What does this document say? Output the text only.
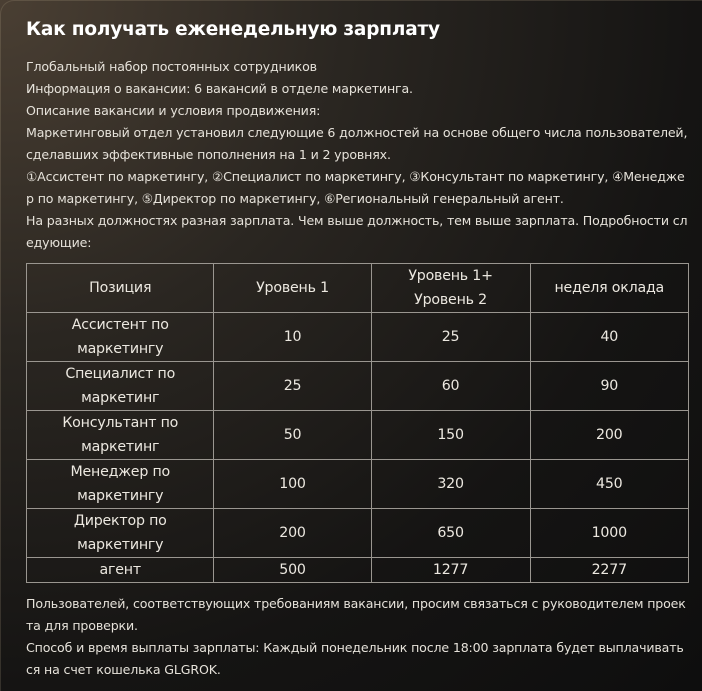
Как получать еженедельную зарплату

Глобальный набор постоянных сотрудников

Информация о вакансии: 6 вакансий в отделе маркетинга.

Описание вакансии и условия продвижения:

Маркетинговый отдел установил следующие 6 должностей на основе общего числа пользователей, сделавших эффективные пополнения на 1 и 2 уровнях.

①Ассистент по маркетингу, ②Специалист по маркетингу, ③Консультант по маркетингу, ④Менеджер по маркетингу, ⑤Директор по маркетингу, ⑥Региональный генеральный агент.

На разных должностях разная зарплата. Чем выше должность, тем выше зарплата. Подробности следующие:

Позиция	Уровень 1	Уровень 1+ Уровень 2	неделя оклада
Ассистент по маркетингу	10	25	40
Специалист по маркетинг	25	60	90
Консультант по маркетинг	50	150	200
Менеджер по маркетингу	100	320	450
Директор по маркетингу	200	650	1000
агент	500	1277	2277

Пользователей, соответствующих требованиям вакансии, просим связаться с руководителем проекта для проверки.

Способ и время выплаты зарплаты: Каждый понедельник после 18:00 зарплата будет выплачиваться на счет кошелька GLGROK.
